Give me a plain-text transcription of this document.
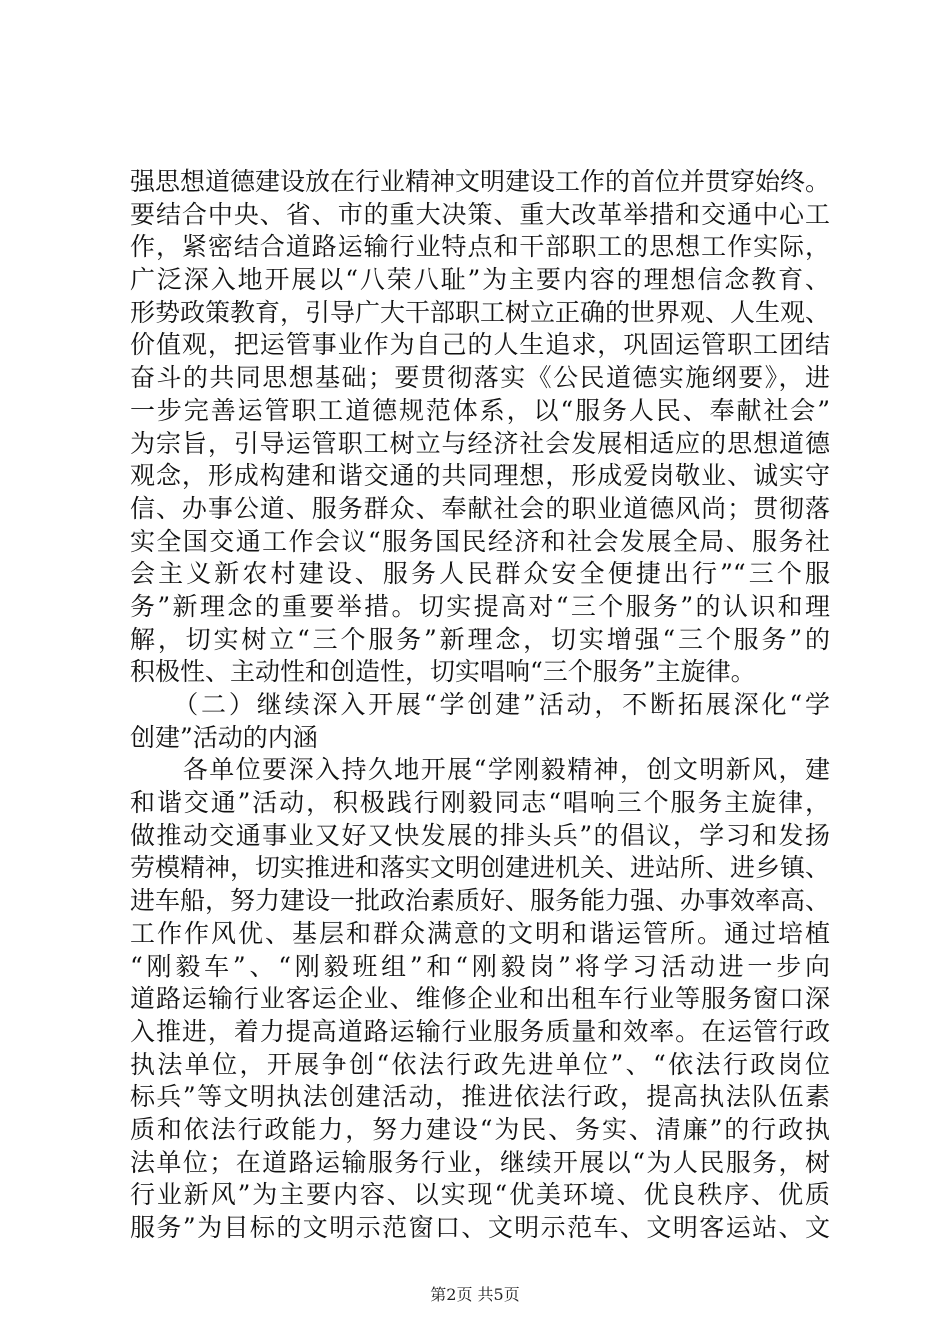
强思想道德建设放在行业精神文明建设工作的首位并贯穿始终。
要结合中央、省、市的重大决策、重大改革举措和交通中心工
作，紧密结合道路运输行业特点和干部职工的思想工作实际，
广泛深入地开展以“八荣八耻”为主要内容的理想信念教育、
形势政策教育，引导广大干部职工树立正确的世界观、人生观、
价值观，把运管事业作为自己的人生追求，巩固运管职工团结
奋斗的共同思想基础；要贯彻落实《公民道德实施纲要》，进
一步完善运管职工道德规范体系，以“服务人民、奉献社会”
为宗旨，引导运管职工树立与经济社会发展相适应的思想道德
观念，形成构建和谐交通的共同理想，形成爱岗敬业、诚实守
信、办事公道、服务群众、奉献社会的职业道德风尚；贯彻落
实全国交通工作会议“服务国民经济和社会发展全局、服务社
会主义新农村建设、服务人民群众安全便捷出行”“三个服
务”新理念的重要举措。切实提高对“三个服务”的认识和理
解，切实树立“三个服务”新理念，切实增强“三个服务”的
积极性、主动性和创造性，切实唱响“三个服务”主旋律。
　　（二）继续深入开展“学创建”活动，不断拓展深化“学
创建”活动的内涵
　　各单位要深入持久地开展“学刚毅精神，创文明新风，建
和谐交通”活动，积极践行刚毅同志“唱响三个服务主旋律，
做推动交通事业又好又快发展的排头兵”的倡议，学习和发扬
劳模精神，切实推进和落实文明创建进机关、进站所、进乡镇、
进车船，努力建设一批政治素质好、服务能力强、办事效率高、
工作作风优、基层和群众满意的文明和谐运管所。通过培植
“刚毅车”、“刚毅班组”和“刚毅岗”将学习活动进一步向
道路运输行业客运企业、维修企业和出租车行业等服务窗口深
入推进，着力提高道路运输行业服务质量和效率。在运管行政
执法单位，开展争创“依法行政先进单位”、“依法行政岗位
标兵”等文明执法创建活动，推进依法行政，提高执法队伍素
质和依法行政能力，努力建设“为民、务实、清廉”的行政执
法单位；在道路运输服务行业，继续开展以“为人民服务，树
行业新风”为主要内容、以实现“优美环境、优良秩序、优质
服务”为目标的文明示范窗口、文明示范车、文明客运站、文
第2页 共5页
